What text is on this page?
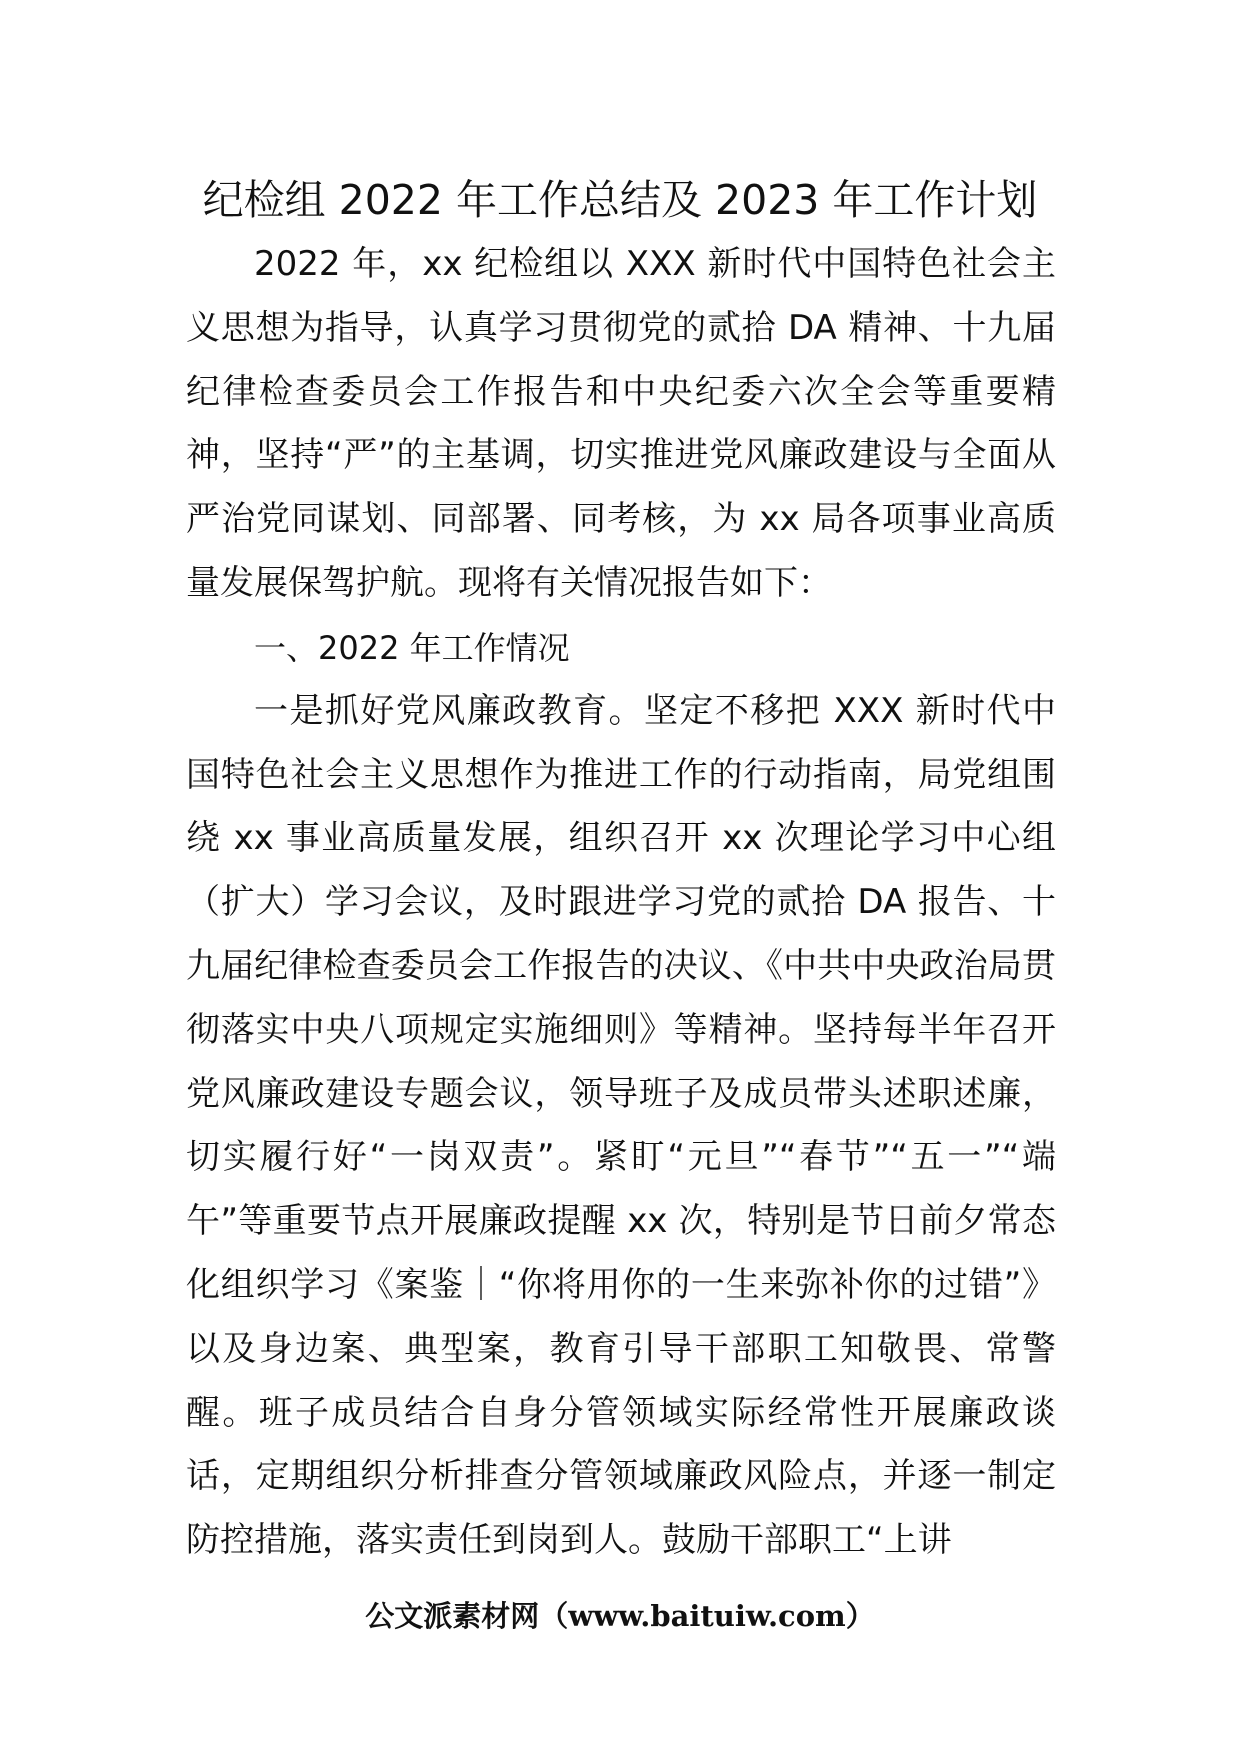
纪检组 2022 年工作总结及 2023 年工作计划

2022 年，xx 纪检组以 XXX 新时代中国特色社会主义思想为指导，认真学习贯彻党的贰拾 DA 精神、十九届纪律检查委员会工作报告和中央纪委六次全会等重要精神，坚持“严”的主基调，切实推进党风廉政建设与全面从严治党同谋划、同部署、同考核，为 xx 局各项事业高质量发展保驾护航。现将有关情况报告如下：

一、2022 年工作情况

一是抓好党风廉政教育。坚定不移把 XXX 新时代中国特色社会主义思想作为推进工作的行动指南，局党组围绕 xx 事业高质量发展，组织召开 xx 次理论学习中心组（扩大）学习会议，及时跟进学习党的贰拾 DA 报告、十九届纪律检查委员会工作报告的决议、《中共中央政治局贯彻落实中央八项规定实施细则》等精神。坚持每半年召开党风廉政建设专题会议，领导班子及成员带头述职述廉，切实履行好“一岗双责”。紧盯“元旦”“春节”“五一”“端午”等重要节点开展廉政提醒 xx 次，特别是节日前夕常态化组织学习《案鉴｜“你将用你的一生来弥补你的过错”》以及身边案、典型案，教育引导干部职工知敬畏、常警醒。班子成员结合自身分管领域实际经常性开展廉政谈话，定期组织分析排查分管领域廉政风险点，并逐一制定防控措施，落实责任到岗到人。鼓励干部职工“上讲

公文派素材网（www.baituiw.com）
